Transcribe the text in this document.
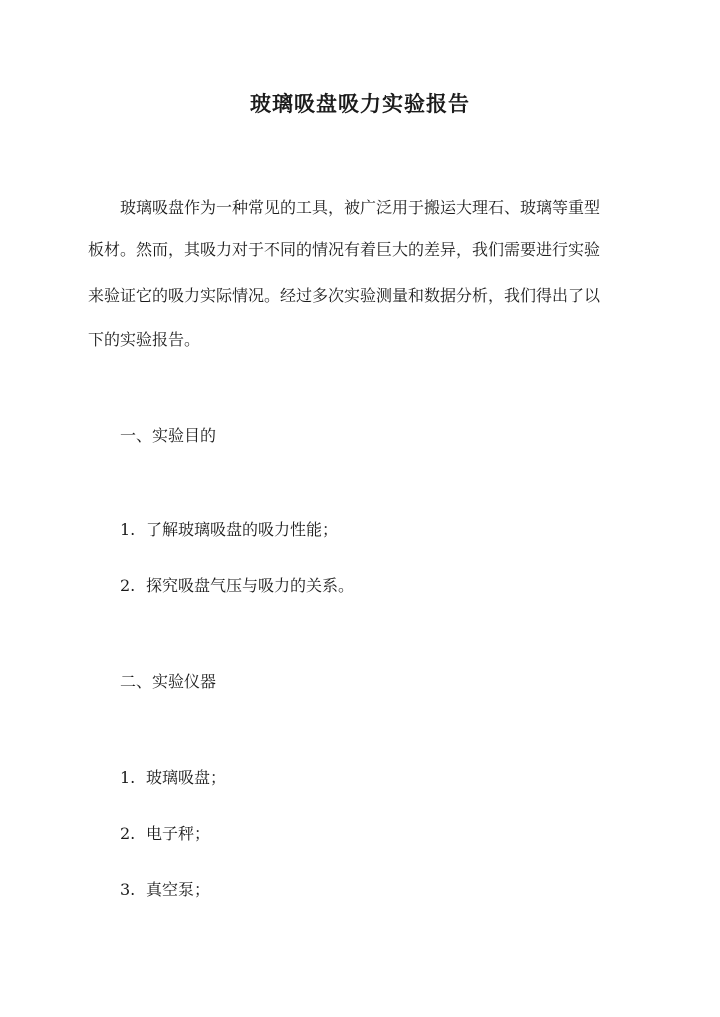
玻璃吸盘吸力实验报告
玻璃吸盘作为一种常见的工具，被广泛用于搬运大理石、玻璃等重型
板材。然而，其吸力对于不同的情况有着巨大的差异，我们需要进行实验
来验证它的吸力实际情况。经过多次实验测量和数据分析，我们得出了以
下的实验报告。
一、实验目的
1. 了解玻璃吸盘的吸力性能；
2. 探究吸盘气压与吸力的关系。
二、实验仪器
1. 玻璃吸盘；
2. 电子秤；
3. 真空泵；
